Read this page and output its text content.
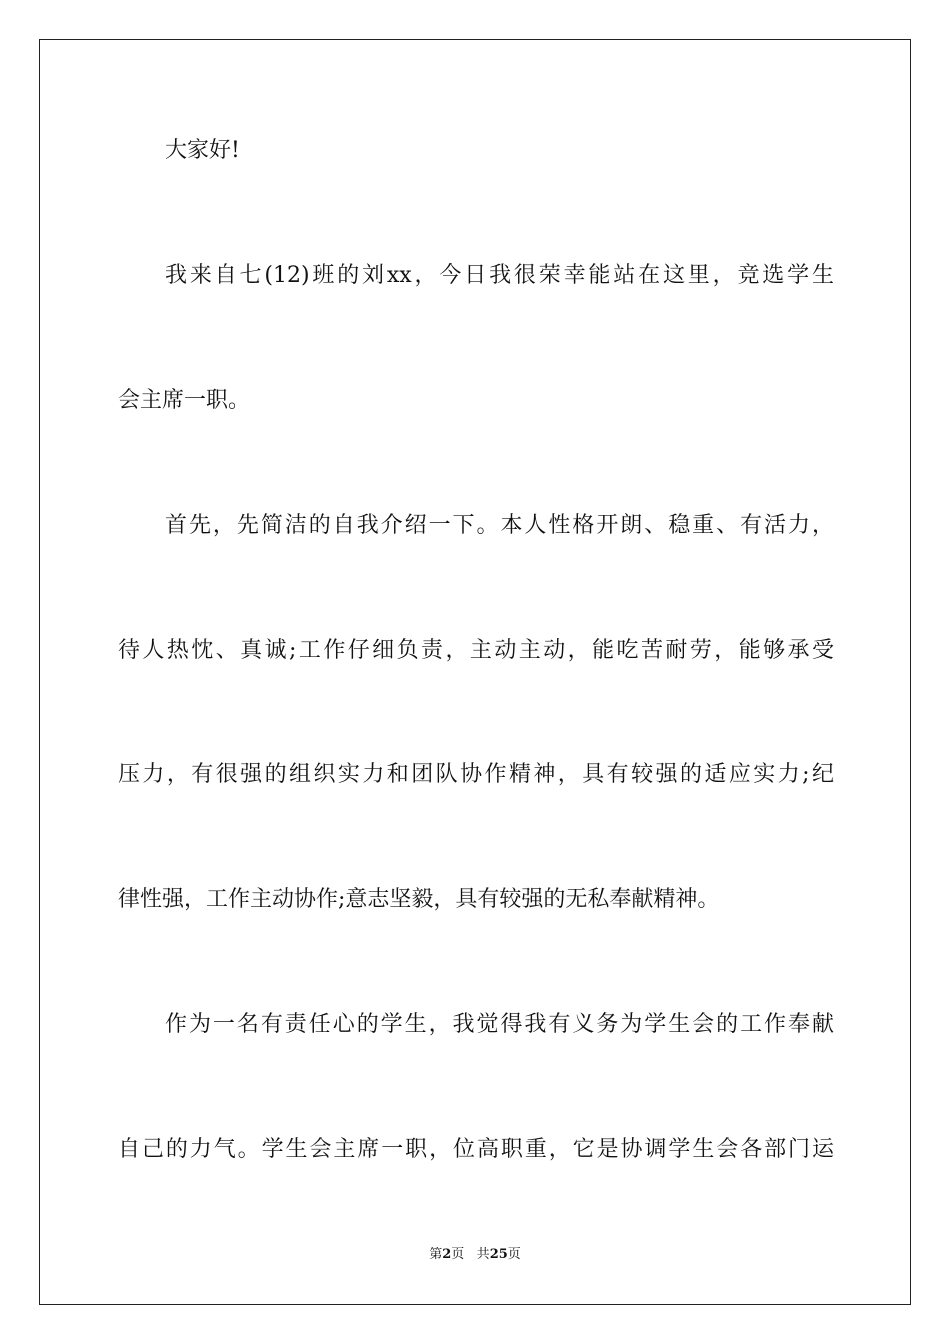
大家好!
我来自七(12)班的刘xx，今日我很荣幸能站在这里，竞选学生
会主席一职。
首先，先简洁的自我介绍一下。本人性格开朗、稳重、有活力，
待人热忱、真诚;工作仔细负责，主动主动，能吃苦耐劳，能够承受
压力，有很强的组织实力和团队协作精神，具有较强的适应实力;纪
律性强，工作主动协作;意志坚毅，具有较强的无私奉献精神。
作为一名有责任心的学生，我觉得我有义务为学生会的工作奉献
自己的力气。学生会主席一职，位高职重，它是协调学生会各部门运
第2页 共25页
